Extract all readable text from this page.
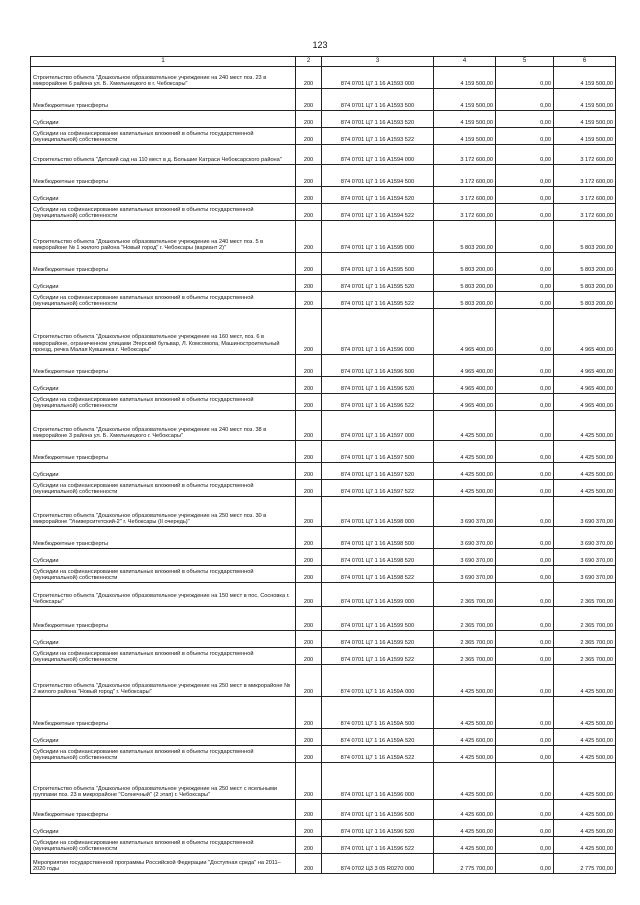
123
1	2	3	4	5	6
Строительство объекта "Дошкольное образовательное учреждение на 240 мест поз. 23 в микрорайоне 6 района ул. Б. Хмельницкого в г. Чебоксары"	200	874 0701 Ц7 1 16 А1593 000	4 159 500,00	0,00	4 159 500,00
Межбюджетные трансферты	200	874 0701 Ц7 1 16 А1593 500	4 159 500,00	0,00	4 159 500,00
Субсидии	200	874 0701 Ц7 1 16 А1593 520	4 159 500,00	0,00	4 159 500,00
Субсидии на софинансирование капитальных вложений в объекты государственной (муниципальной) собственности	200	874 0701 Ц7 1 16 А1593 522	4 159 500,00	0,00	4 159 500,00
Строительство объекта "Детский сад на 110 мест в д. Большие Катраси Чебоксарского района"	200	874 0701 Ц7 1 16 А1594 000	3 172 600,00	0,00	3 172 600,00
Межбюджетные трансферты	200	874 0701 Ц7 1 16 А1594 500	3 172 600,00	0,00	3 172 600,00
Субсидии	200	874 0701 Ц7 1 16 А1594 520	3 172 600,00	0,00	3 172 600,00
Субсидии на софинансирование капитальных вложений в объекты государственной (муниципальной) собственности	200	874 0701 Ц7 1 16 А1594 522	3 172 600,00	0,00	3 172 600,00
Строительство объекта "Дошкольное образовательное учреждение на 240 мест поз. 5 в микрорайоне № 1 жилого района "Новый город" г. Чебоксары (вариант 2)"	200	874 0701 Ц7 1 16 А1595 000	5 803 200,00	0,00	5 803 200,00
Межбюджетные трансферты	200	874 0701 Ц7 1 16 А1595 500	5 803 200,00	0,00	5 803 200,00
Субсидии	200	874 0701 Ц7 1 16 А1595 520	5 803 200,00	0,00	5 803 200,00
Субсидии на софинансирование капитальных вложений в объекты государственной (муниципальной) собственности	200	874 0701 Ц7 1 16 А1595 522	5 803 200,00	0,00	5 803 200,00
Строительство объекта "Дошкольное образовательное учреждение на 160 мест, поз. 6 в микрорайоне, ограниченном улицами Эгерский бульвар, Л. Комсомола, Машиностроительный проезд, речка Малая Кувшинка г. Чебоксары"	200	874 0701 Ц7 1 16 А1596 000	4 965 400,00	0,00	4 965 400,00
Межбюджетные трансферты	200	874 0701 Ц7 1 16 А1596 500	4 965 400,00	0,00	4 965 400,00
Субсидии	200	874 0701 Ц7 1 16 А1596 520	4 965 400,00	0,00	4 965 400,00
Субсидии на софинансирование капитальных вложений в объекты государственной (муниципальной) собственности	200	874 0701 Ц7 1 16 А1596 522	4 965 400,00	0,00	4 965 400,00
Строительство объекта "Дошкольное образовательное учреждение на 240 мест поз. 38 в микрорайоне 3 района ул. Б. Хмельницкого г. Чебоксары"	200	874 0701 Ц7 1 16 А1597 000	4 425 500,00	0,00	4 425 500,00
Межбюджетные трансферты	200	874 0701 Ц7 1 16 А1597 500	4 425 500,00	0,00	4 425 500,00
Субсидии	200	874 0701 Ц7 1 16 А1597 520	4 425 500,00	0,00	4 425 500,00
Субсидии на софинансирование капитальных вложений в объекты государственной (муниципальной) собственности	200	874 0701 Ц7 1 16 А1597 522	4 425 500,00	0,00	4 425 500,00
Строительство объекта "Дошкольное образовательное учреждение на 250 мест поз. 30 в микрорайоне "Университетский-2" г. Чебоксары (II очередь)"	200	874 0701 Ц7 1 16 А1598 000	3 690 370,00	0,00	3 690 370,00
Межбюджетные трансферты	200	874 0701 Ц7 1 16 А1598 500	3 690 370,00	0,00	3 690 370,00
Субсидии	200	874 0701 Ц7 1 16 А1598 520	3 690 370,00	0,00	3 690 370,00
Субсидии на софинансирование капитальных вложений в объекты государственной (муниципальной) собственности	200	874 0701 Ц7 1 16 А1598 522	3 690 370,00	0,00	3 690 370,00
Строительство объекта "Дошкольное образовательное учреждение на 150 мест в пос. Сосновка г. Чебоксары"	200	874 0701 Ц7 1 16 А1599 000	2 365 700,00	0,00	2 365 700,00
Межбюджетные трансферты	200	874 0701 Ц7 1 16 А1599 500	2 365 700,00	0,00	2 365 700,00
Субсидии	200	874 0701 Ц7 1 16 А1599 520	2 365 700,00	0,00	2 365 700,00
Субсидии на софинансирование капитальных вложений в объекты государственной (муниципальной) собственности	200	874 0701 Ц7 1 16 А1599 522	2 365 700,00	0,00	2 365 700,00
Строительство объекта "Дошкольное образовательное учреждение на 250 мест в микрорайоне № 2 жилого района "Новый город" г. Чебоксары"	200	874 0701 Ц7 1 16 А159А 000	4 425 500,00	0,00	4 425 500,00
Межбюджетные трансферты	200	874 0701 Ц7 1 16 А159А 500	4 425 500,00	0,00	4 425 500,00
Субсидии	200	874 0701 Ц7 1 16 А159А 520	4 425 600,00	0,00	4 425 500,00
Субсидии на софинансирование капитальных вложений в объекты государственной (муниципальной) собственности	200	874 0701 Ц7 1 16 А159А 522	4 425 500,00	0,00	4 425 500,00
Строительство объекта "Дошкольное образовательное учреждение на 250 мест с ясельными группами поз. 23 в микрорайоне "Солнечный" (2 этап) г. Чебоксары"	200	874 0701 Ц7 1 16 А1596 000	4 425 500,00	0,00	4 425 500,00
Межбюджетные трансферты	200	874 0701 Ц7 1 16 А1596 500	4 425 600,00	0,00	4 425 500,00
Субсидии	200	874 0701 Ц7 1 16 А1596 520	4 425 500,00	0,00	4 425 500,00
Субсидии на софинансирование капитальных вложений в объекты государственной (муниципальной) собственности	200	874 0701 Ц7 1 16 А1596 522	4 425 500,00	0,00	4 425 500,00
Мероприятия государственной программы Российской Федерации "Доступная среда" на 2011–2020 годы	200	874 0702 Ц3 3 05 R0270 000	2 775 700,00	0,00	2 775 700,00
